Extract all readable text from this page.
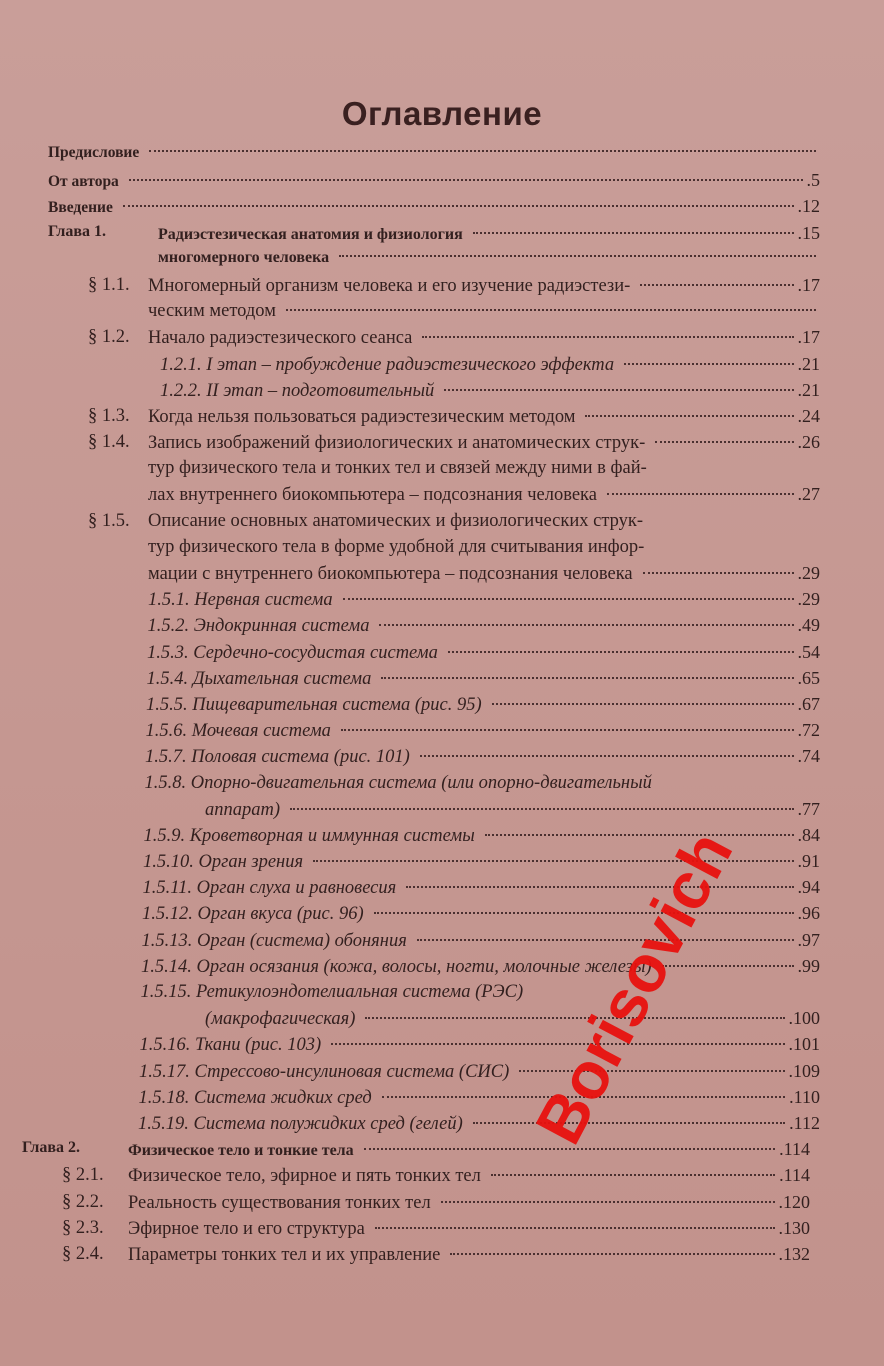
Оглавление
Предисловие
От автора	.5
Введение	.12
Глава 1.	Радиэстезическая анатомия и физиология	.15
многомерного человека
§ 1.1. Многомерный организм человека и его изучение радиэстези-	.17
ческим методом
§ 1.2. Начало радиэстезического сеанса	.17
1.2.1. I этап – пробуждение радиэстезического эффекта	.21
1.2.2. II этап – подготовительный	.21
§ 1.3. Когда нельзя пользоваться радиэстезическим методом	.24
§ 1.4. Запись изображений физиологических и анатомических струк-	.26
тур физического тела и тонких тел и связей между ними в фай-
лах внутреннего биокомпьютера – подсознания человека	.27
§ 1.5. Описание основных анатомических и физиологических струк-
тур физического тела в форме удобной для считывания инфор-
мации с внутреннего биокомпьютера – подсознания человека	.29
1.5.1. Нервная система	.29
1.5.2. Эндокринная система	.49
1.5.3. Сердечно-сосудистая система	.54
1.5.4. Дыхательная система	.65
1.5.5. Пищеварительная система (рис. 95)	.67
1.5.6. Мочевая система	.72
1.5.7. Половая система (рис. 101)	.74
1.5.8. Опорно-двигательная система (или опорно-двигательный
аппарат)	.77
1.5.9. Кроветворная и иммунная системы	.84
1.5.10. Орган зрения	.91
1.5.11. Орган слуха и равновесия	.94
1.5.12. Орган вкуса (рис. 96)	.96
1.5.13. Орган (система) обоняния	.97
1.5.14. Орган осязания (кожа, волосы, ногти, молочные железы)	.99
1.5.15. Ретикулоэндотелиальная система (РЭС)
(макрофагическая)	.100
1.5.16. Ткани (рис. 103)	.101
1.5.17. Стрессово-инсулиновая система (СИС)	.109
1.5.18. Система жидких сред	.110
1.5.19. Система полужидких сред (гелей)	.112
Глава 2.	Физическое тело и тонкие тела	.114
§ 2.1. Физическое тело, эфирное и пять тонких тел	.114
§ 2.2. Реальность существования тонких тел	.120
§ 2.3. Эфирное тело и его структура	.130
§ 2.4. Параметры тонких тел и их управление	.132
Borisovich
